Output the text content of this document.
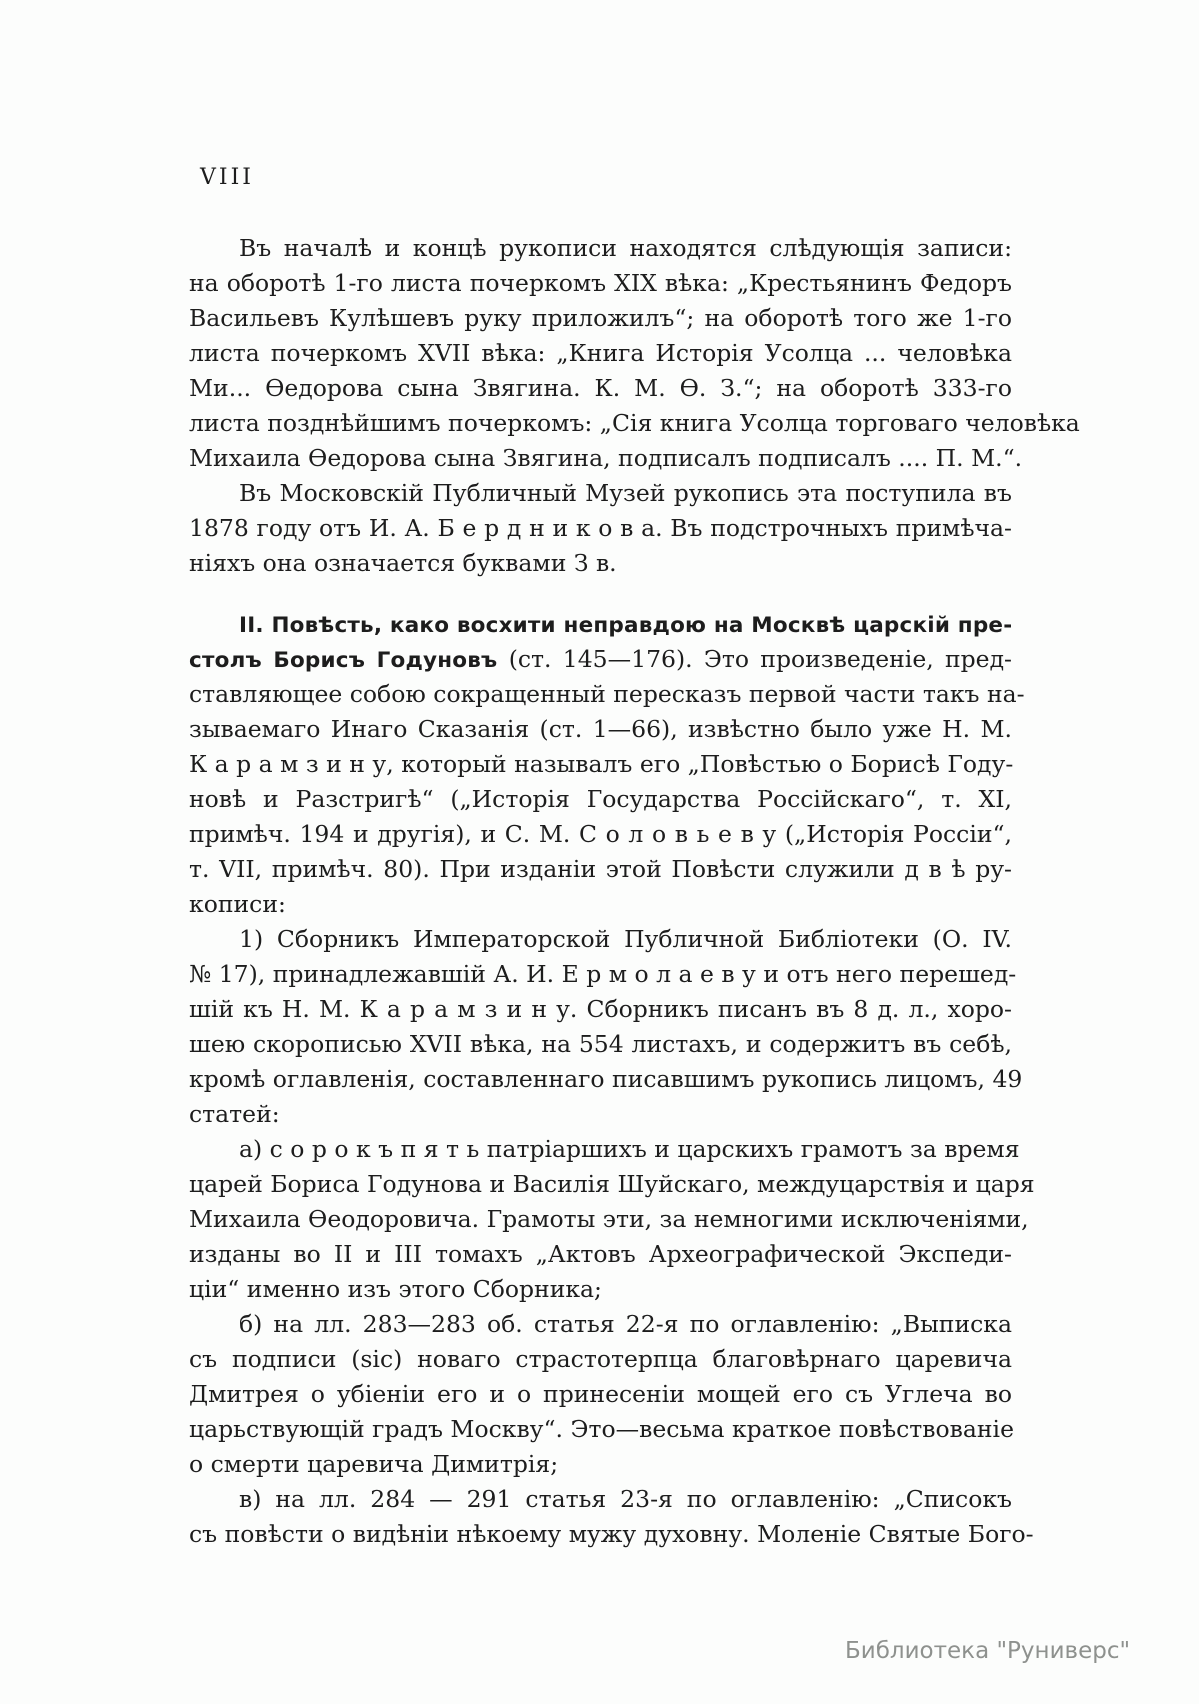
VIII
Въ началѣ и концѣ рукописи находятся слѣдующія записи:
на оборотѣ 1-го листа почеркомъ XIX вѣка: „Крестьянинъ Федоръ
Васильевъ Кулѣшевъ руку приложилъ“; на оборотѣ того же 1-го
листа почеркомъ XVII вѣка: „Книга Исторія Усолца ... человѣка
Ми... Ѳедорова сына Звягина. К. М. Ѳ. З.“; на оборотѣ 333-го
листа позднѣйшимъ почеркомъ: „Сія книга Усолца торговаго человѣка
Михаила Ѳедорова сына Звягина, подписалъ подписалъ .... П. М.“.
Въ Московскій Публичный Музей рукопись эта поступила въ
1878 году отъ И. А. Б е р д н и к о в а. Въ подстрочныхъ примѣча-
ніяхъ она означается буквами З в.
II. Повѣсть, како восхити неправдою на Москвѣ царскій пре-
столъ Борисъ Годуновъ (ст. 145—176). Это произведеніе, пред-
ставляющее собою сокращенный пересказъ первой части такъ на-
зываемаго Инаго Сказанія (ст. 1—66), извѣстно было уже Н. М.
К а р а м з и н у, который называлъ его „Повѣстью о Борисѣ Году-
новѣ и Разстригѣ“ („Исторія Государства Россійскаго“, т. XI,
примѣч. 194 и другія), и С. М. С о л о в ь е в у („Исторія Россіи“,
т. VII, примѣч. 80). При изданіи этой Повѣсти служили д в ѣ ру-
кописи:
1) Сборникъ Императорской Публичной Библіотеки (О. IV.
№ 17), принадлежавшій А. И. Е р м о л а е в у и отъ него перешед-
шій къ Н. М. К а р а м з и н у. Сборникъ писанъ въ 8 д. л., хоро-
шею скорописью XVII вѣка, на 554 листахъ, и содержитъ въ себѣ,
кромѣ оглавленія, составленнаго писавшимъ рукопись лицомъ, 49
статей:
а) с о р о к ъ п я т ь патріаршихъ и царскихъ грамотъ за время
царей Бориса Годунова и Василія Шуйскаго, междуцарствія и царя
Михаила Ѳеодоровича. Грамоты эти, за немногими исключеніями,
изданы во II и III томахъ „Актовъ Археографической Экспеди-
ціи“ именно изъ этого Сборника;
б) на лл. 283—283 об. статья 22-я по оглавленію: „Выписка
съ подписи (sic) новаго страстотерпца благовѣрнаго царевича
Дмитрея о убіеніи его и о принесеніи мощей его съ Углеча во
царьствующій градъ Москву“. Это—весьма краткое повѣствованіе
о смерти царевича Димитрія;
в) на лл. 284 — 291 статья 23-я по оглавленію: „Списокъ
съ повѣсти о видѣніи нѣкоему мужу духовну. Моленіе Святые Бого-
Библиотека "Руниверс"
